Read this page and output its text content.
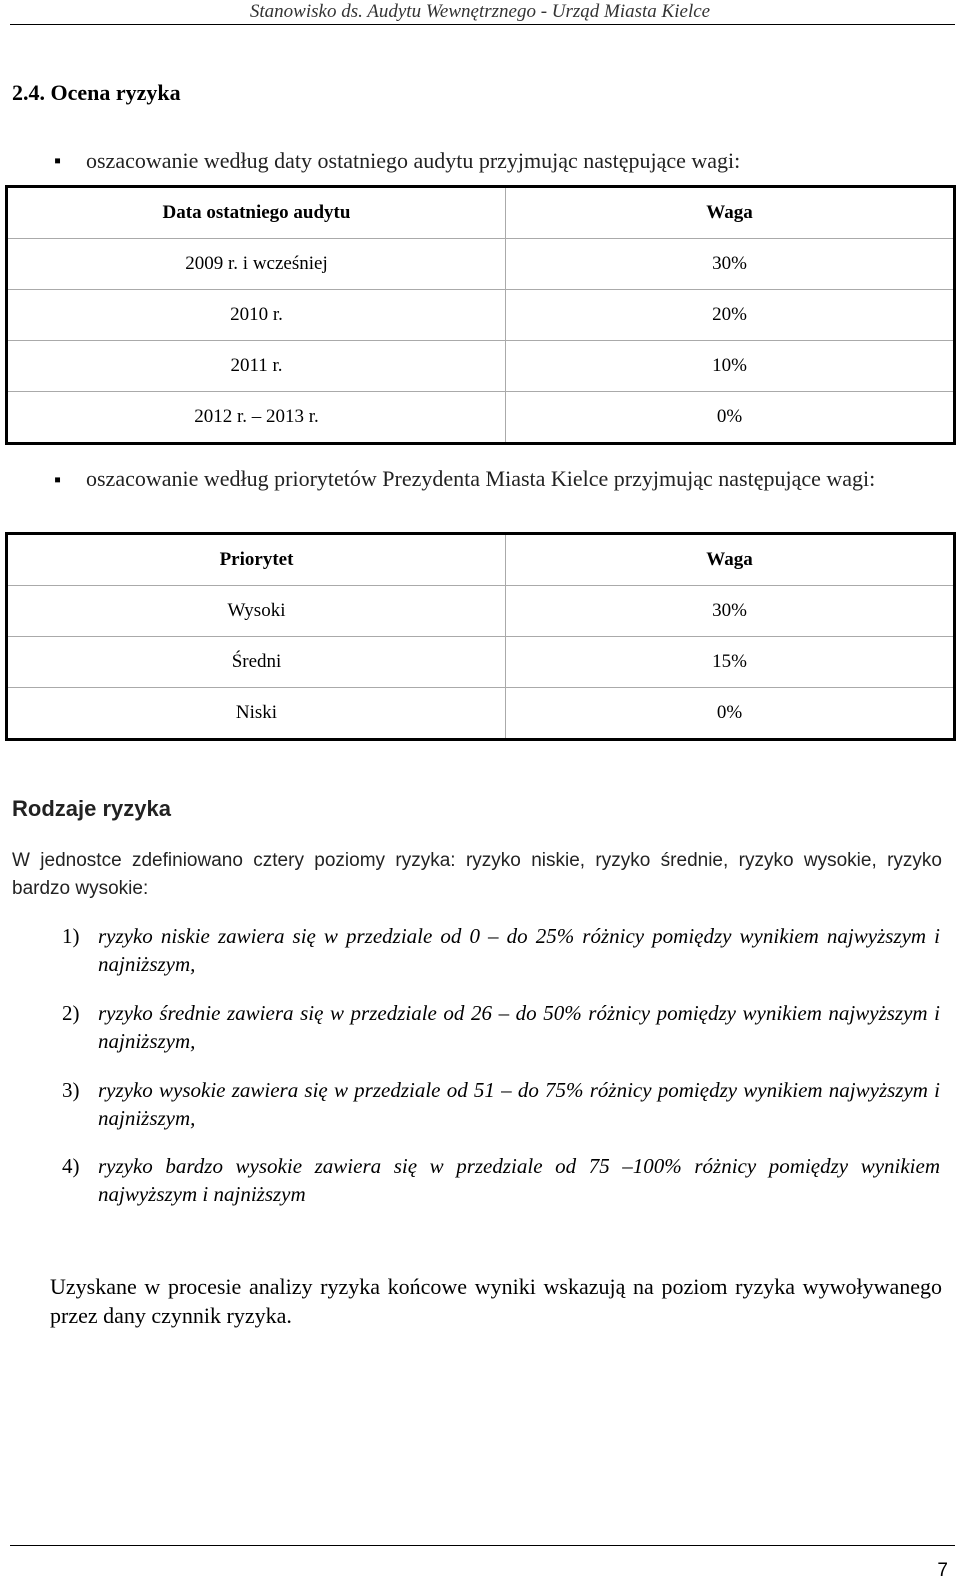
Stanowisko ds. Audytu Wewnętrznego - Urząd Miasta Kielce
2.4. Ocena ryzyka
▪ oszacowanie według daty ostatniego audytu przyjmując następujące wagi:
Data ostatniego audytu	Waga
2009 r. i wcześniej	30%
2010 r.	20%
2011 r.	10%
2012 r. – 2013 r.	0%
▪ oszacowanie według priorytetów Prezydenta Miasta Kielce przyjmując następujące wagi:
Priorytet	Waga
Wysoki	30%
Średni	15%
Niski	0%
Rodzaje ryzyka
W jednostce zdefiniowano cztery poziomy ryzyka: ryzyko niskie, ryzyko średnie, ryzyko wysokie, ryzyko bardzo wysokie:
1) ryzyko niskie zawiera się w przedziale od 0 – do 25% różnicy pomiędzy wynikiem najwyższym i najniższym,
2) ryzyko średnie zawiera się w przedziale od 26 – do 50% różnicy pomiędzy wynikiem najwyższym i najniższym,
3) ryzyko wysokie zawiera się w przedziale od 51 – do 75% różnicy pomiędzy wynikiem najwyższym i najniższym,
4) ryzyko bardzo wysokie zawiera się w przedziale od 75 –100% różnicy pomiędzy wynikiem najwyższym i najniższym
Uzyskane w procesie analizy ryzyka końcowe wyniki wskazują na poziom ryzyka wywoływanego przez dany czynnik ryzyka.
7
